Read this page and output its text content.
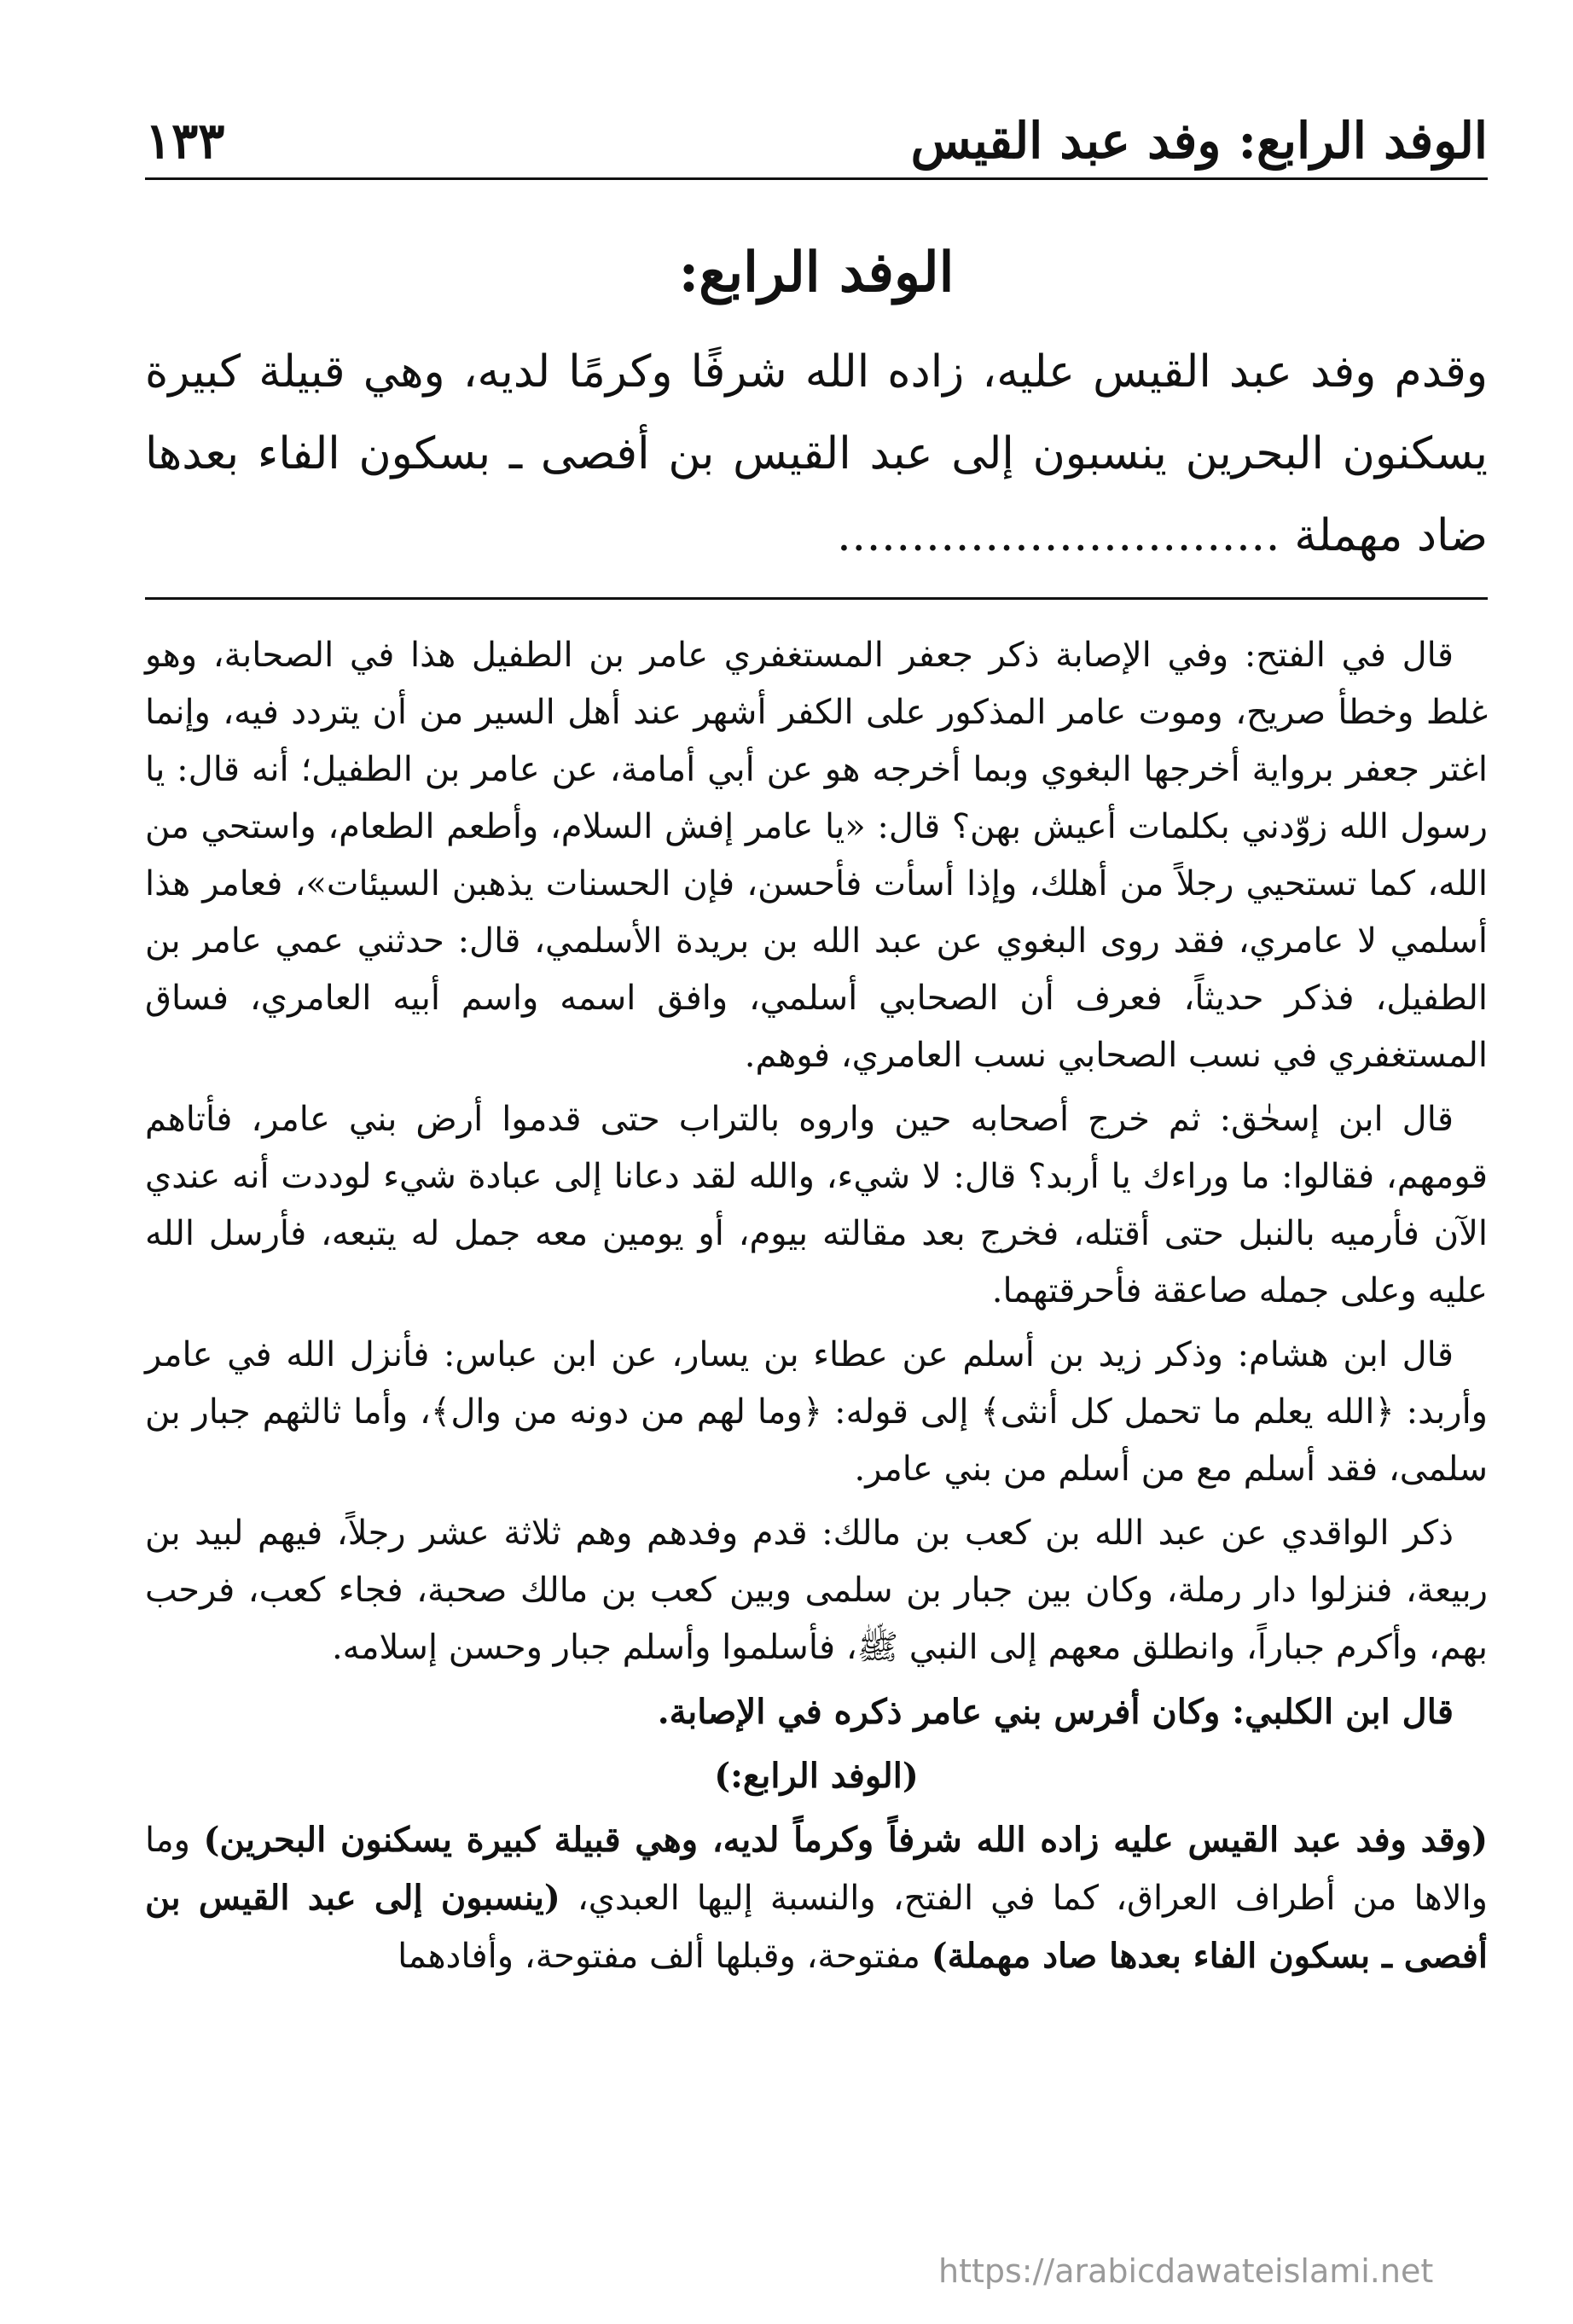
الوفد الرابع: وفد عبد القيس
١٣٣
الوفد الرابع:

وقدم وفد عبد القيس عليه، زاده الله شرفًا وكرمًا لديه، وهي قبيلة كبيرة يسكنون البحرين ينسبون إلى عبد القيس بن أفصى ـ بسكون الفاء بعدها ضاد مهملة …………………………

قال في الفتح: وفي الإصابة ذكر جعفر المستغفري عامر بن الطفيل هذا في الصحابة، وهو غلط وخطأ صريح، وموت عامر المذكور على الكفر أشهر عند أهل السير من أن يتردد فيه، وإنما اغتر جعفر برواية أخرجها البغوي وبما أخرجه هو عن أبي أمامة، عن عامر بن الطفيل؛ أنه قال: يا رسول الله زوّدني بكلمات أعيش بهن؟ قال: «يا عامر إفش السلام، وأطعم الطعام، واستحي من الله، كما تستحيي رجلاً من أهلك، وإذا أسأت فأحسن، فإن الحسنات يذهبن السيئات»، فعامر هذا أسلمي لا عامري، فقد روى البغوي عن عبد الله بن بريدة الأسلمي، قال: حدثني عمي عامر بن الطفيل، فذكر حديثاً، فعرف أن الصحابي أسلمي، وافق اسمه واسم أبيه العامري، فساق المستغفري في نسب الصحابي نسب العامري، فوهم.

قال ابن إسحٰق: ثم خرج أصحابه حين واروه بالتراب حتى قدموا أرض بني عامر، فأتاهم قومهم، فقالوا: ما وراءك يا أربد؟ قال: لا شيء، والله لقد دعانا إلى عبادة شيء لوددت أنه عندي الآن فأرميه بالنبل حتى أقتله، فخرج بعد مقالته بيوم، أو يومين معه جمل له يتبعه، فأرسل الله عليه وعلى جمله صاعقة فأحرقتهما.

قال ابن هشام: وذكر زيد بن أسلم عن عطاء بن يسار، عن ابن عباس: فأنزل الله في عامر وأربد: ﴿الله يعلم ما تحمل كل أنثى﴾ إلى قوله: ﴿وما لهم من دونه من وال﴾، وأما ثالثهم جبار بن سلمى، فقد أسلم مع من أسلم من بني عامر.

ذكر الواقدي عن عبد الله بن كعب بن مالك: قدم وفدهم وهم ثلاثة عشر رجلاً، فيهم لبيد بن ربيعة، فنزلوا دار رملة، وكان بين جبار بن سلمى وبين كعب بن مالك صحبة، فجاء كعب، فرحب بهم، وأكرم جباراً، وانطلق معهم إلى النبي ﷺ، فأسلموا وأسلم جبار وحسن إسلامه.

قال ابن الكلبي: وكان أفرس بني عامر ذكره في الإصابة.

(الوفد الرابع:)

(وقد وفد عبد القيس عليه زاده الله شرفاً وكرماً لديه، وهي قبيلة كبيرة يسكنون البحرين) وما والاها من أطراف العراق، كما في الفتح، والنسبة إليها العبدي، (ينسبون إلى عبد القيس بن أفصى ـ بسكون الفاء بعدها صاد مهملة) مفتوحة، وقبلها ألف مفتوحة، وأفادهما

https://arabicdawateislami.net
